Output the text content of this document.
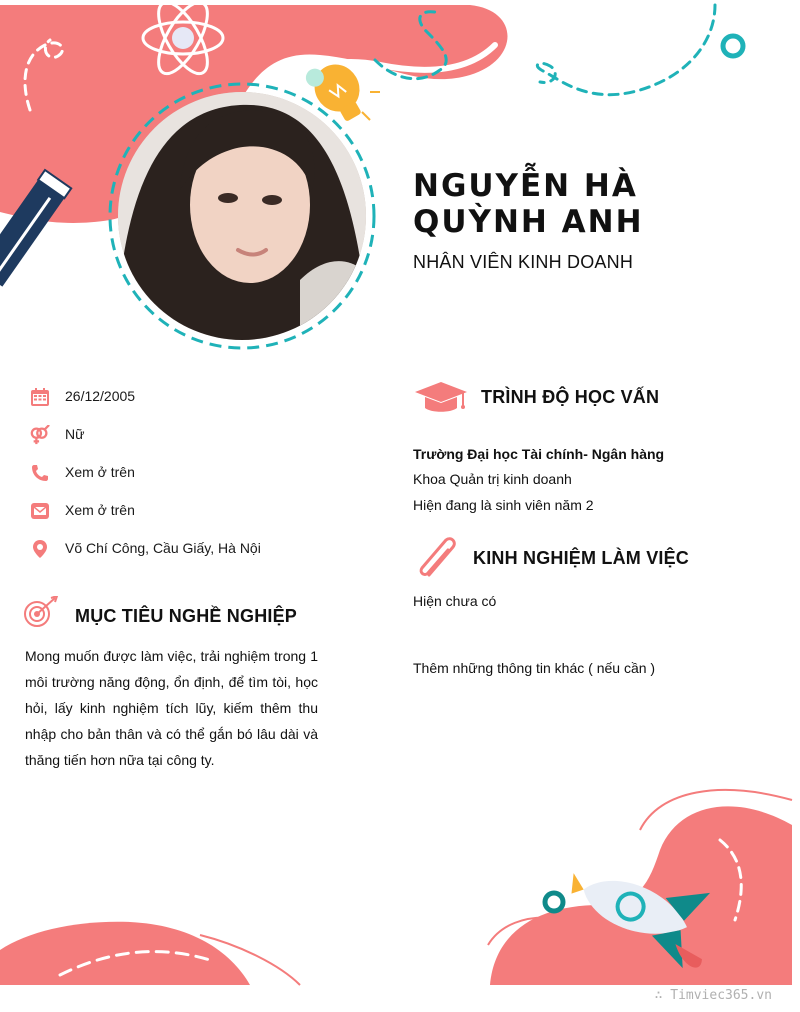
NGUYỄN HÀ QUỲNH ANH
NHÂN VIÊN KINH DOANH
26/12/2005
Nữ
Xem ở trên
Xem ở trên
Võ Chí Công, Cầu Giấy, Hà Nội
MỤC TIÊU NGHỀ NGHIỆP
Mong muốn được làm việc, trải nghiệm trong 1 môi trường năng động, ổn định, để tìm tòi, học hỏi, lấy kinh nghiệm tích lũy, kiếm thêm thu nhập cho bản thân và có thể gắn bó lâu dài và thăng tiến hơn nữa tại công ty.
TRÌNH ĐỘ HỌC VẤN
Trường Đại học Tài chính- Ngân hàng
Khoa Quản trị kinh doanh
Hiện đang là sinh viên năm 2
KINH NGHIỆM LÀM VIỆC
Hiện chưa có
Thêm những thông tin khác ( nếu cần )
∴ Timviec365.vn
